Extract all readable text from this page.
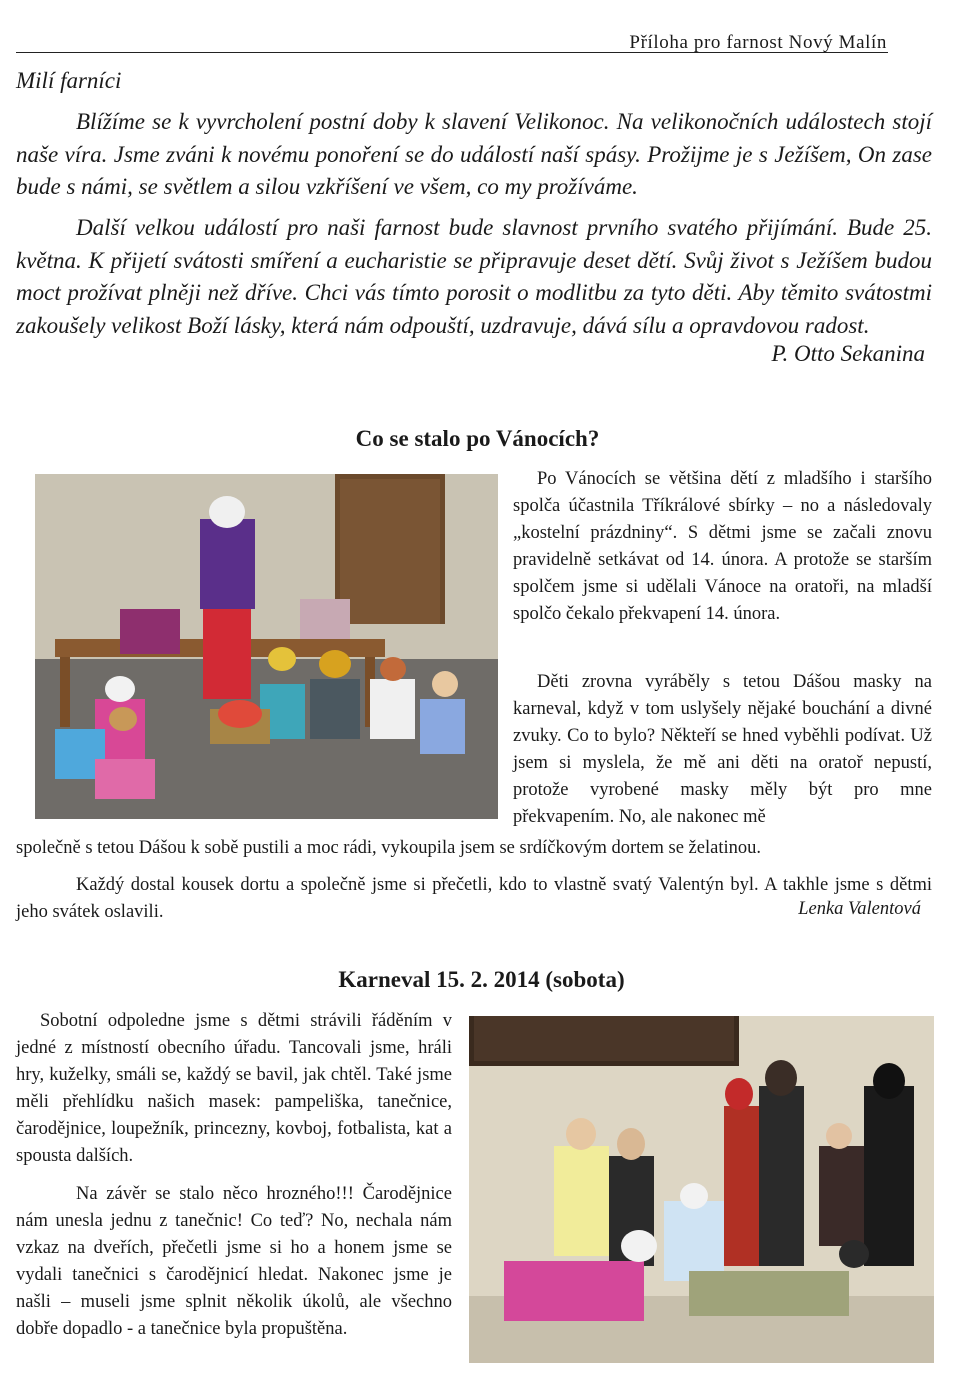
Příloha pro farnost Nový Malín
Milí farníci

Blížíme se k vyvrcholení postní doby k slavení Velikonoc. Na velikonočních událostech stojí naše víra. Jsme zváni k novému ponoření se do událostí naší spásy. Prožijme je s Ježíšem, On zase bude s námi, se světlem a silou vzkříšení ve všem, co my prožíváme.

Další velkou událostí pro naši farnost bude slavnost prvního svatého přijímání. Bude 25. května. K přijetí svátosti smíření a eucharistie se připravuje deset dětí. Svůj život s Ježíšem budou moct prožívat plněji než dříve. Chci vás tímto porosit o modlitbu za tyto děti. Aby těmito svátostmi zakoušely velikost Boží lásky, která nám odpouští, uzdravuje, dává sílu a opravdovou radost.

P. Otto Sekanina
Co se stalo po Vánocích?

Po Vánocích se většina dětí z mladšího i staršího spolča účastnila Tříkrálové sbírky – no a následovaly „kostelní prázdniny“. S dětmi jsme se začali znovu pravidelně setkávat od 14. února. A protože se starším spolčem jsme si udělali Vánoce na oratoři, na mladší spolčo čekalo překvapení 14. února.

Děti zrovna vyráběly s tetou Dášou masky na karneval, když v tom uslyšely nějaké bouchání a divné zvuky. Co to bylo? Někteří se hned vyběhli podívat. Už jsem si myslela, že mě ani děti na oratoř nepustí, protože vyrobené masky měly být pro mne překvapením. No, ale nakonec mě

společně s tetou Dášou k sobě pustili a moc rádi, vykoupila jsem se srdíčkovým dortem se želatinou.

Každý dostal kousek dortu a společně jsme si přečetli, kdo to vlastně svatý Valentýn byl. A takhle jsme s dětmi jeho svátek oslavili.	Lenka Valentová
Karneval 15. 2. 2014 (sobota)

Sobotní odpoledne jsme s dětmi strávili řáděním v jedné z místností obecního úřadu. Tancovali jsme, hráli hry, kuželky, smáli se, každý se bavil, jak chtěl. Také jsme měli přehlídku našich masek: pampeliška, tanečnice, čarodějnice, loupežník, princezny, kovboj, fotbalista, kat a spousta dalších.

Na závěr se stalo něco hrozného!!! Čarodějnice nám unesla jednu z tanečnic! Co teď? No, nechala nám vzkaz na dveřích, přečetli jsme si ho a honem jsme se vydali tanečnici s čarodějnicí hledat. Nakonec jsme je našli – museli jsme splnit několik úkolů, ale všechno dobře dopadlo - a tanečnice byla propuštěna.
